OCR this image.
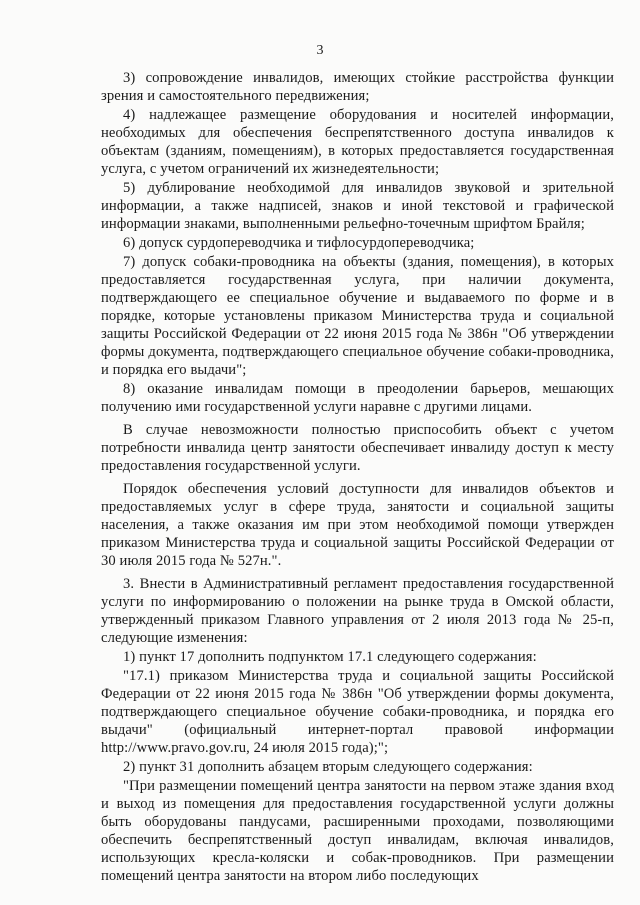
3

3) сопровождение инвалидов, имеющих стойкие расстройства функции зрения и самостоятельного передвижения;

4) надлежащее размещение оборудования и носителей информации, необходимых для обеспечения беспрепятственного доступа инвалидов к объектам (зданиям, помещениям), в которых предоставляется государственная услуга, с учетом ограничений их жизнедеятельности;

5) дублирование необходимой для инвалидов звуковой и зрительной информации, а также надписей, знаков и иной текстовой и графической информации знаками, выполненными рельефно-точечным шрифтом Брайля;

6) допуск сурдопереводчика и тифлосурдопереводчика;

7) допуск собаки-проводника на объекты (здания, помещения), в которых предоставляется государственная услуга, при наличии документа, подтверждающего ее специальное обучение и выдаваемого по форме и в порядке, которые установлены приказом Министерства труда и социальной защиты Российской Федерации от 22 июня 2015 года № 386н "Об утверждении формы документа, подтверждающего специальное обучение собаки-проводника, и порядка его выдачи";

8) оказание инвалидам помощи в преодолении барьеров, мешающих получению ими государственной услуги наравне с другими лицами.

В случае невозможности полностью приспособить объект с учетом потребности инвалида центр занятости обеспечивает инвалиду доступ к месту предоставления государственной услуги.

Порядок обеспечения условий доступности для инвалидов объектов и предоставляемых услуг в сфере труда, занятости и социальной защиты населения, а также оказания им при этом необходимой помощи утвержден приказом Министерства труда и социальной защиты Российской Федерации от 30 июля 2015 года № 527н.".

3. Внести в Административный регламент предоставления государственной услуги по информированию о положении на рынке труда в Омской области, утвержденный приказом Главного управления от 2 июля 2013 года № 25-п, следующие изменения:

1) пункт 17 дополнить подпунктом 17.1 следующего содержания:

"17.1) приказом Министерства труда и социальной защиты Российской Федерации от 22 июня 2015 года № 386н "Об утверждении формы документа, подтверждающего специальное обучение собаки-проводника, и порядка его выдачи" (официальный интернет-портал правовой информации http://www.pravo.gov.ru, 24 июля 2015 года);";

2) пункт 31 дополнить абзацем вторым следующего содержания:

"При размещении помещений центра занятости на первом этаже здания вход и выход из помещения для предоставления государственной услуги должны быть оборудованы пандусами, расширенными проходами, позволяющими обеспечить беспрепятственный доступ инвалидам, включая инвалидов, использующих кресла-коляски и собак-проводников. При размещении помещений центра занятости на втором либо последующих
